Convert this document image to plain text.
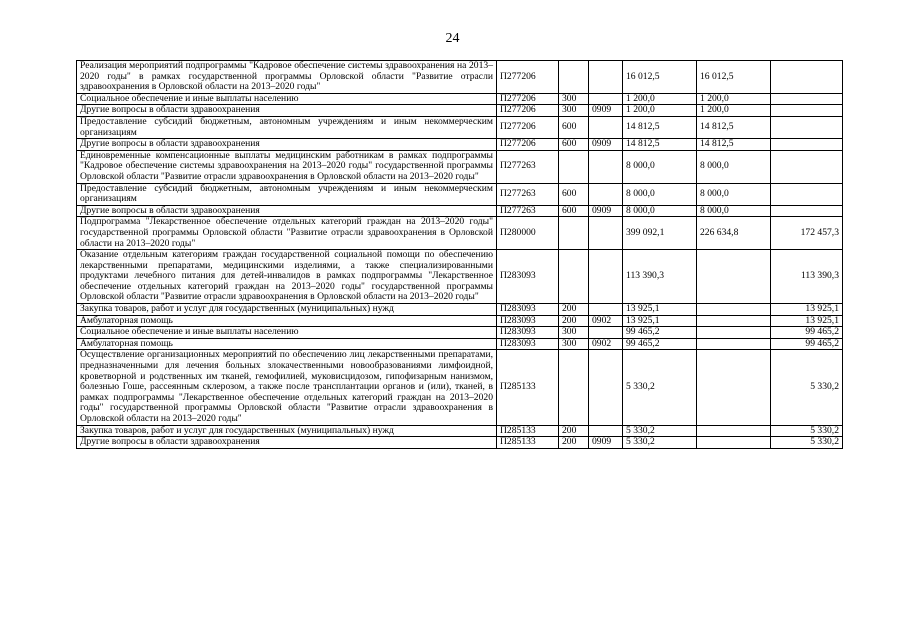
24
Реализация мероприятий подпрограммы "Кадровое обеспечение системы здравоохранения на 2013–2020 годы" в рамках государственной программы Орловской области "Развитие отрасли здравоохранения в Орловской области на 2013–2020 годы"	П277206			16 012,5	16 012,5	
Социальное обеспечение и иные выплаты населению	П277206	300		1 200,0	1 200,0	
Другие вопросы в области здравоохранения	П277206	300	0909	1 200,0	1 200,0	
Предоставление субсидий бюджетным, автономным учреждениям и иным некоммерческим организациям	П277206	600		14 812,5	14 812,5	
Другие вопросы в области здравоохранения	П277206	600	0909	14 812,5	14 812,5	
Единовременные компенсационные выплаты медицинским работникам в рамках подпрограммы "Кадровое обеспечение системы здравоохранения на 2013–2020 годы" государственной программы Орловской области "Развитие отрасли здравоохранения в Орловской области на 2013–2020 годы"	П277263			8 000,0	8 000,0	
Предоставление субсидий бюджетным, автономным учреждениям и иным некоммерческим организациям	П277263	600		8 000,0	8 000,0	
Другие вопросы в области здравоохранения	П277263	600	0909	8 000,0	8 000,0	
Подпрограмма "Лекарственное обеспечение отдельных категорий граждан на 2013–2020 годы" государственной программы Орловской области "Развитие отрасли здравоохранения в Орловской области на 2013–2020 годы"	П280000			399 092,1	226 634,8	172 457,3
Оказание отдельным категориям граждан государственной социальной помощи по обеспечению лекарственными препаратами, медицинскими изделиями, а также специализированными продуктами лечебного питания для детей-инвалидов в рамках подпрограммы "Лекарственное обеспечение отдельных категорий граждан на 2013–2020 годы" государственной программы Орловской области "Развитие отрасли здравоохранения в Орловской области на 2013–2020 годы"	П283093			113 390,3		113 390,3
Закупка товаров, работ и услуг для государственных (муниципальных) нужд	П283093	200		13 925,1		13 925,1
Амбулаторная помощь	П283093	200	0902	13 925,1		13 925,1
Социальное обеспечение и иные выплаты населению	П283093	300		99 465,2		99 465,2
Амбулаторная помощь	П283093	300	0902	99 465,2		99 465,2
Осуществление организационных мероприятий по обеспечению лиц лекарственными препаратами, предназначенными для лечения больных злокачественными новообразованиями лимфоидной, кроветворной и родственных им тканей, гемофилией, муковисцидозом, гипофизарным нанизмом, болезнью Гоше, рассеянным склерозом, а также после трансплантации органов и (или), тканей, в рамках подпрограммы "Лекарственное обеспечение отдельных категорий граждан на 2013–2020 годы" государственной программы Орловской области "Развитие отрасли здравоохранения в Орловской области на 2013–2020 годы"	П285133			5 330,2		5 330,2
Закупка товаров, работ и услуг для государственных (муниципальных) нужд	П285133	200		5 330,2		5 330,2
Другие вопросы в области здравоохранения	П285133	200	0909	5 330,2		5 330,2
